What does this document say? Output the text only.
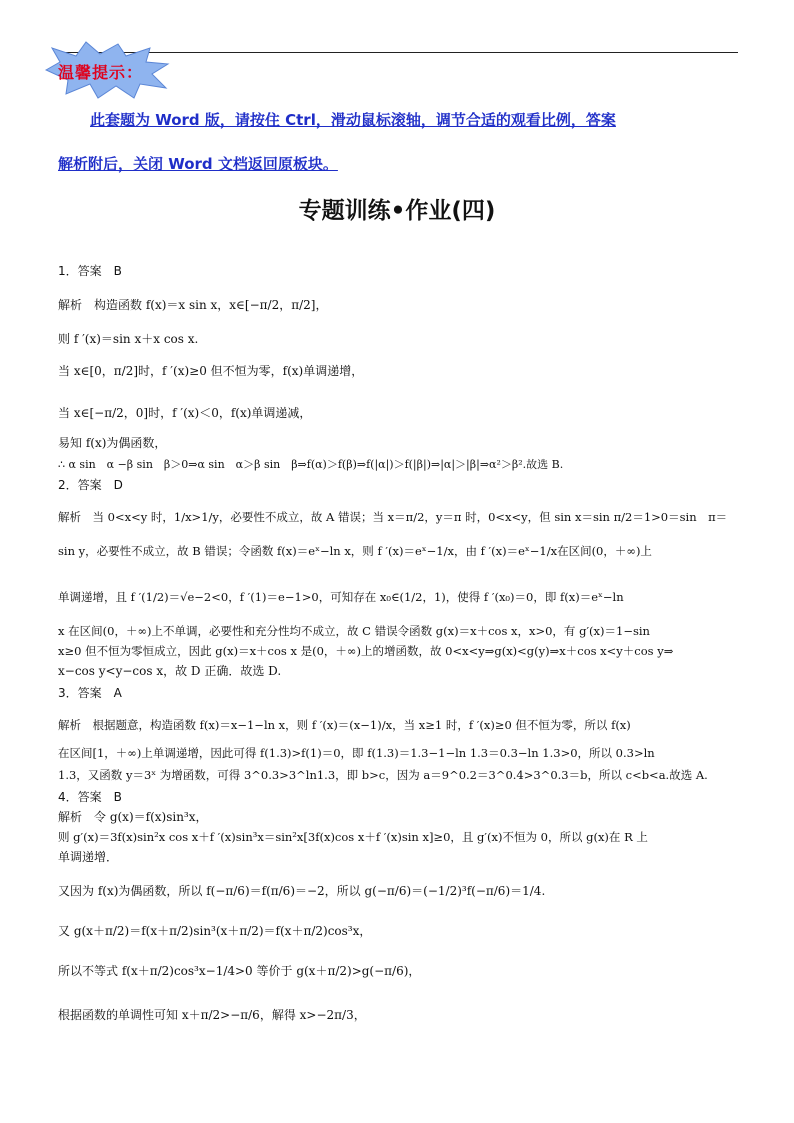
温馨提示：
此套题为 Word 版，请按住 Ctrl，滑动鼠标滚轴，调节合适的观看比例，答案
解析附后，关闭 Word 文档返回原板块。
专题训练•作业(四)
1．答案　B
解析　构造函数 f(x)＝x sin x，x∈[−π/2，π/2]，
则 f ′(x)＝sin x＋x cos x.
当 x∈[0，π/2]时，f ′(x)≥0 但不恒为零，f(x)单调递增，
当 x∈[−π/2，0]时，f ′(x)＜0，f(x)单调递减，
易知 f(x)为偶函数，
∴ α sin　α −β sin　β＞0⇒α sin　α＞β sin　β⇒f(α)＞f(β)⇒f(|α|)＞f(|β|)⇒|α|＞|β|⇒α²＞β².故选 B.
2．答案　D
解析　当 0<x<y 时，1/x>1/y，必要性不成立，故 A 错误；当 x＝π/2，y＝π 时，0<x<y，但 sin x＝sin π/2＝1>0＝sin　π＝
sin y，必要性不成立，故 B 错误；令函数 f(x)＝eˣ−ln x，则 f ′(x)＝eˣ−1/x，由 f ′(x)＝eˣ−1/x在区间(0，＋∞)上
单调递增，且 f ′(1/2)＝√e−2<0，f ′(1)＝e−1>0，可知存在 x₀∈(1/2，1)，使得 f ′(x₀)＝0，即 f(x)＝eˣ−ln
x 在区间(0，＋∞)上不单调，必要性和充分性均不成立，故 C 错误令函数 g(x)＝x＋cos x，x>0，有 g′(x)＝1−sin
x≥0 但不恒为零恒成立，因此 g(x)＝x＋cos x 是(0，＋∞)上的增函数，故 0<x<y⇒g(x)<g(y)⇒x＋cos x<y＋cos y⇒
x−cos y<y−cos x，故 D 正确．故选 D.
3．答案　A
解析　根据题意，构造函数 f(x)＝x−1−ln x，则 f ′(x)＝(x−1)/x，当 x≥1 时，f ′(x)≥0 但不恒为零，所以 f(x)
在区间[1，＋∞)上单调递增，因此可得 f(1.3)>f(1)＝0，即 f(1.3)＝1.3−1−ln 1.3＝0.3−ln 1.3>0，所以 0.3>ln
1.3，又函数 y＝3ˣ 为增函数，可得 3^0.3>3^ln1.3，即 b>c，因为 a＝9^0.2＝3^0.4>3^0.3＝b，所以 c<b<a.故选 A.
4．答案　B
解析　令 g(x)＝f(x)sin³x，
则 g′(x)＝3f(x)sin²x cos x＋f ′(x)sin³x＝sin²x[3f(x)cos x＋f ′(x)sin x]≥0，且 g′(x)不恒为 0，所以 g(x)在 R 上
单调递增．
又因为 f(x)为偶函数，所以 f(−π/6)＝f(π/6)＝−2，所以 g(−π/6)＝(−1/2)³f(−π/6)＝1/4.
又 g(x＋π/2)＝f(x＋π/2)sin³(x＋π/2)＝f(x＋π/2)cos³x，
所以不等式 f(x＋π/2)cos³x−1/4>0 等价于 g(x＋π/2)>g(−π/6)，
根据函数的单调性可知 x＋π/2>−π/6，解得 x>−2π/3，
